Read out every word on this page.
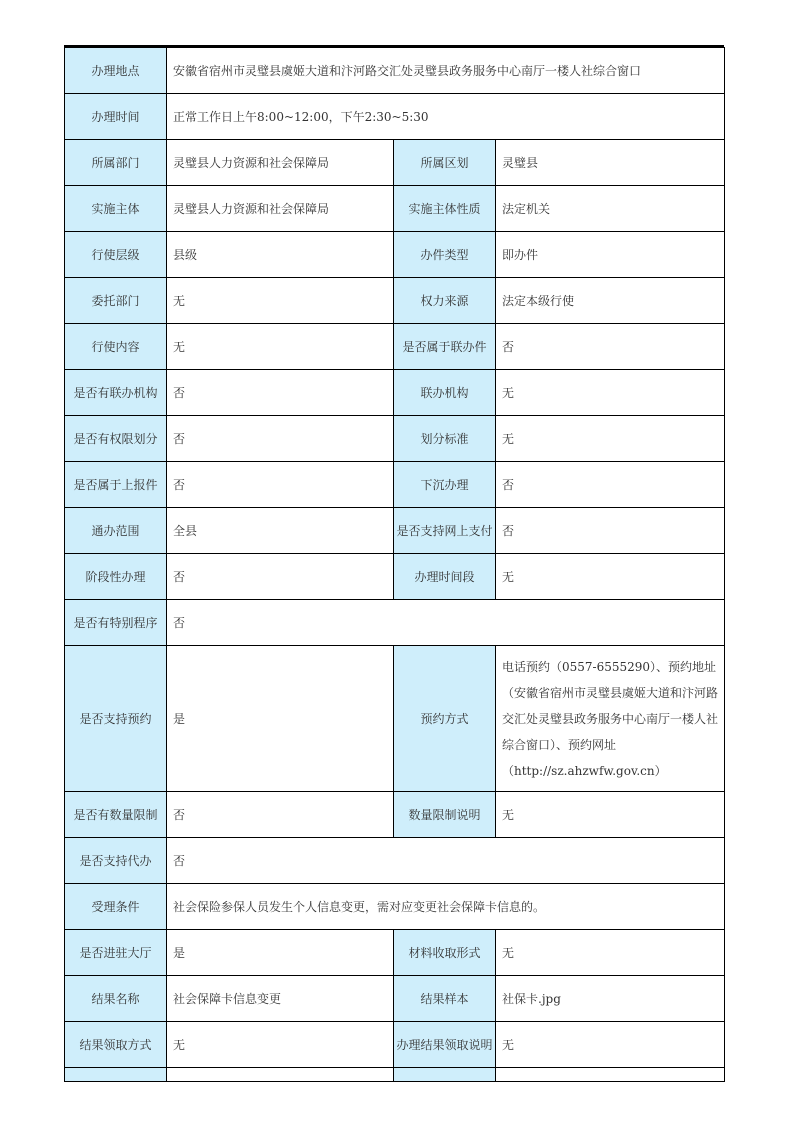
办理地点	安徽省宿州市灵璧县虞姬大道和汴河路交汇处灵璧县政务服务中心南厅一楼人社综合窗口		
办理时间	正常工作日上午8:00~12:00，下午2:30~5:30		
所属部门	灵璧县人力资源和社会保障局	所属区划	灵璧县
实施主体	灵璧县人力资源和社会保障局	实施主体性质	法定机关
行使层级	县级	办件类型	即办件
委托部门	无	权力来源	法定本级行使
行使内容	无	是否属于联办件	否
是否有联办机构	否	联办机构	无
是否有权限划分	否	划分标准	无
是否属于上报件	否	下沉办理	否
通办范围	全县	是否支持网上支付	否
阶段性办理	否	办理时间段	无
是否有特别程序	否		
是否支持预约	是	预约方式	电话预约（0557-6555290）、预约地址（安徽省宿州市灵璧县虞姬大道和汴河路交汇处灵璧县政务服务中心南厅一楼人社综合窗口）、预约网址（http://sz.ahzwfw.gov.cn）
是否有数量限制	否	数量限制说明	无
是否支持代办	否		
受理条件	社会保险参保人员发生个人信息变更，需对应变更社会保障卡信息的。		
是否进驻大厅	是	材料收取形式	无
结果名称	社会保障卡信息变更	结果样本	社保卡.jpg
结果领取方式	无	办理结果领取说明	无
